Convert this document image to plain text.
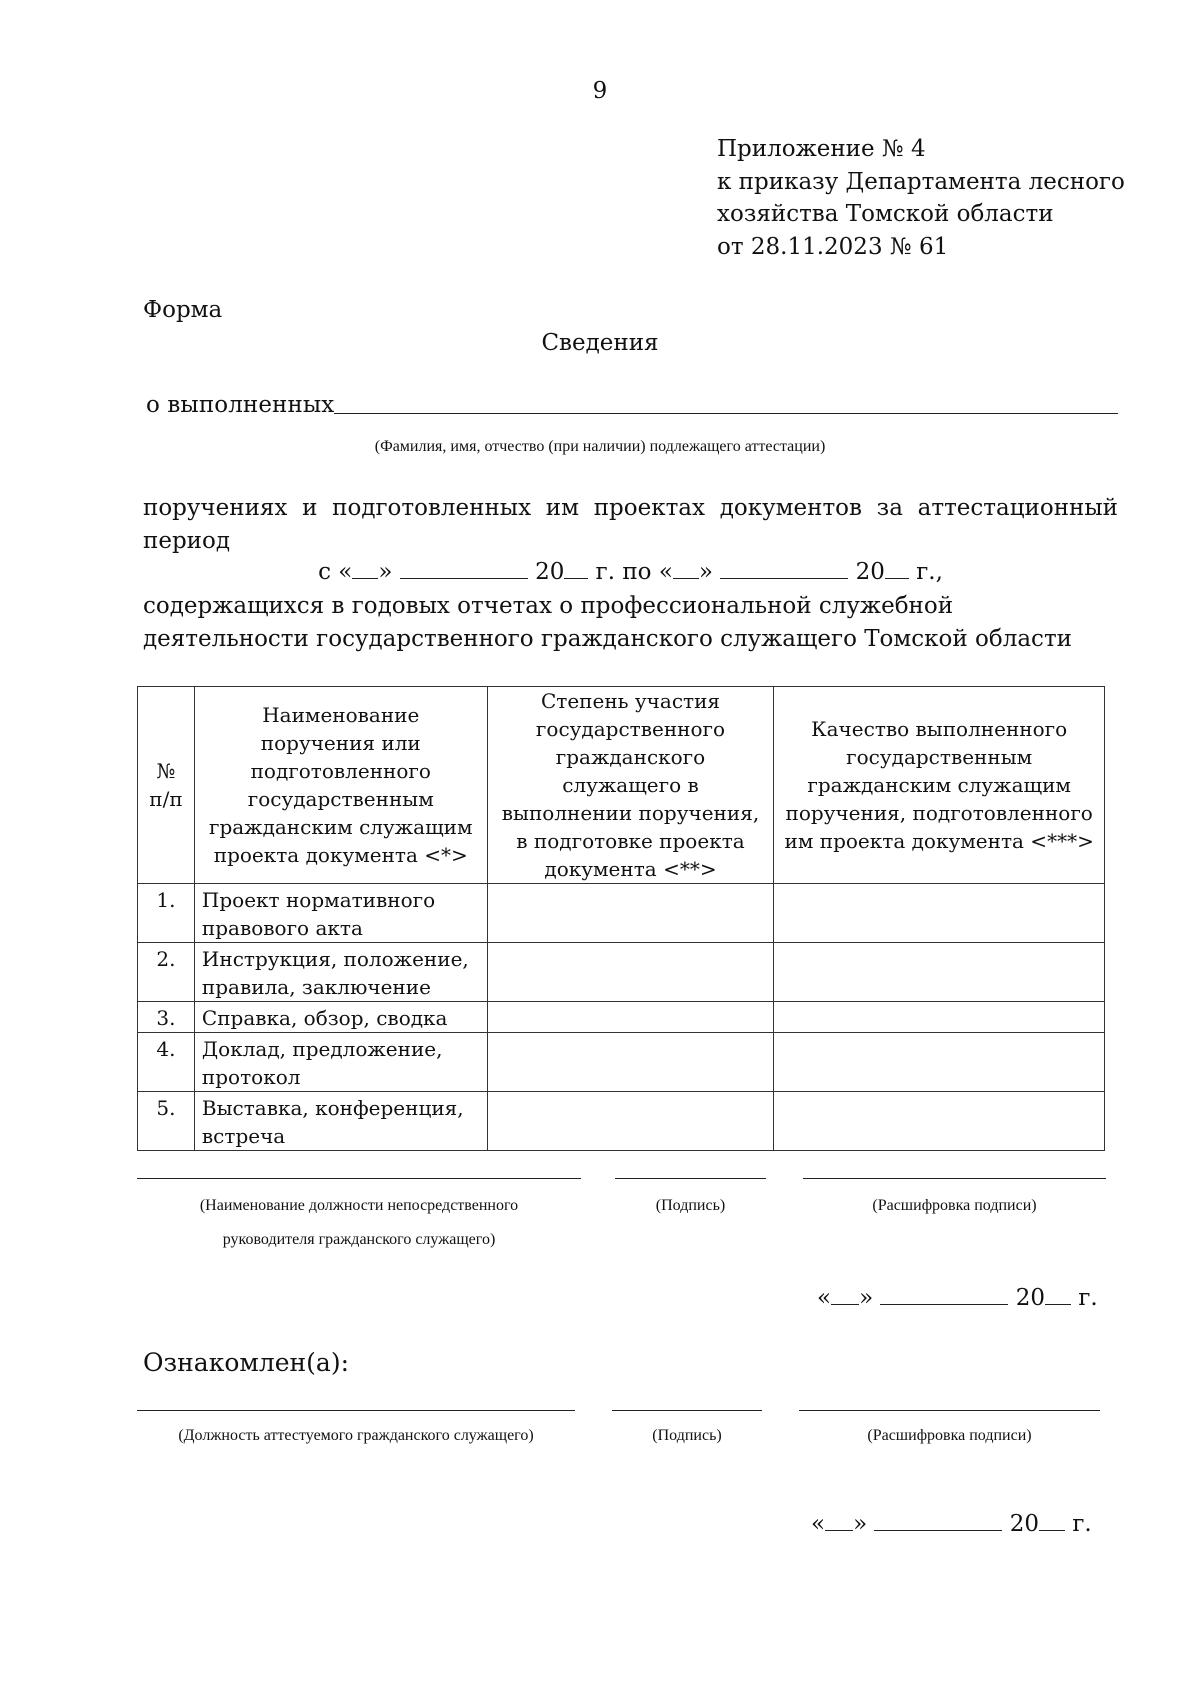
9
Приложение № 4
к приказу Департамента лесного
хозяйства Томской области
от 28.11.2023 № 61
Форма
Сведения
о выполненных
(Фамилия, имя, отчество (при наличии) подлежащего аттестации)
поручениях и подготовленных им проектах документов за аттестационный период
с « »	20 г. по « »	20 г.,
содержащихся в годовых отчетах о профессиональной служебной деятельности государственного гражданского служащего Томской области
№ п/п	Наименование поручения или подготовленного государственным гражданским служащим проекта документа <*>	Степень участия государственного гражданского служащего в выполнении поручения, в подготовке проекта документа <**>	Качество выполненного государственным гражданским служащим поручения, подготовленного им проекта документа <***>
1.	Проект нормативного правового акта		
2.	Инструкция, положение, правила, заключение		
3.	Справка, обзор, сводка		
4.	Доклад, предложение, протокол		
5.	Выставка, конференция, встреча		
(Наименование должности непосредственного
руководителя гражданского служащего)
(Подпись)	(Расшифровка подписи)
« »	20 г.
Ознакомлен(а):
(Должность аттестуемого гражданского служащего)	(Подпись)	(Расшифровка подписи)
« »	20 г.
